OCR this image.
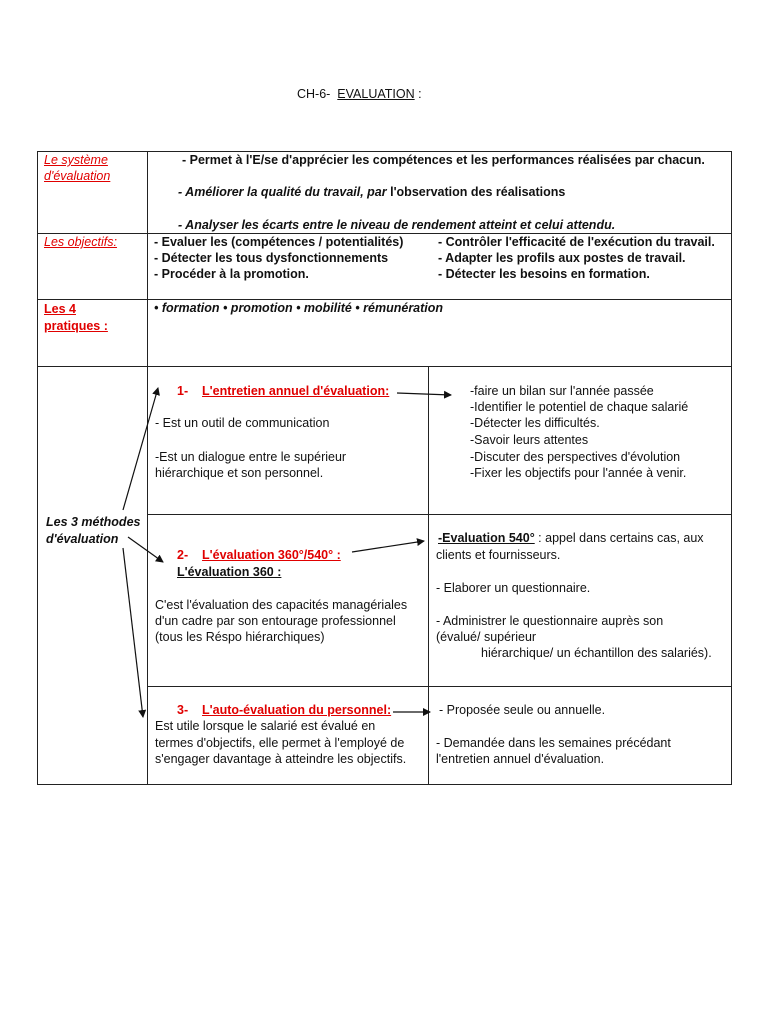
CH-6- EVALUATION :
Le système
d'évaluation
- Permet à l'E/se d'apprécier les compétences et les performances réalisées par chacun.
- Améliorer la qualité du travail, par l'observation des réalisations
- Analyser les écarts entre le niveau de rendement atteint et celui attendu.
Les objectifs:	- Evaluer les (compétences / potentialités)
- Détecter les tous dysfonctionnements
- Procéder à la promotion.
- Contrôler l'efficacité de l'exécution du travail.
- Adapter les profils aux postes de travail.
- Détecter les besoins en formation.
Les 4
pratiques :
• formation • promotion • mobilité • rémunération
Les 3 méthodes
d'évaluation
1- L'entretien annuel d'évaluation:
- Est un outil de communication
-Est un dialogue entre le supérieur
hiérarchique et son personnel.
-faire un bilan sur l'année passée
-Identifier le potentiel de chaque salarié
-Détecter les difficultés.
-Savoir leurs attentes
-Discuter des perspectives d'évolution
-Fixer les objectifs pour l'année à venir.
2- L'évaluation 360°/540° :
L'évaluation 360 :
C'est l'évaluation des capacités managériales
d'un cadre par son entourage professionnel
(tous les Réspo hiérarchiques)
-Evaluation 540° : appel dans certains cas, aux
clients et fournisseurs.
- Elaborer un questionnaire.
- Administrer le questionnaire auprès son
(évalué/ supérieur
hiérarchique/ un échantillon des salariés).
3- L'auto-évaluation du personnel:
Est utile lorsque le salarié est évalué en
termes d'objectifs, elle permet à l'employé de
s'engager davantage à atteindre les objectifs.
- Proposée seule ou annuelle.
- Demandée dans les semaines précédant
l'entretien annuel d'évaluation.
